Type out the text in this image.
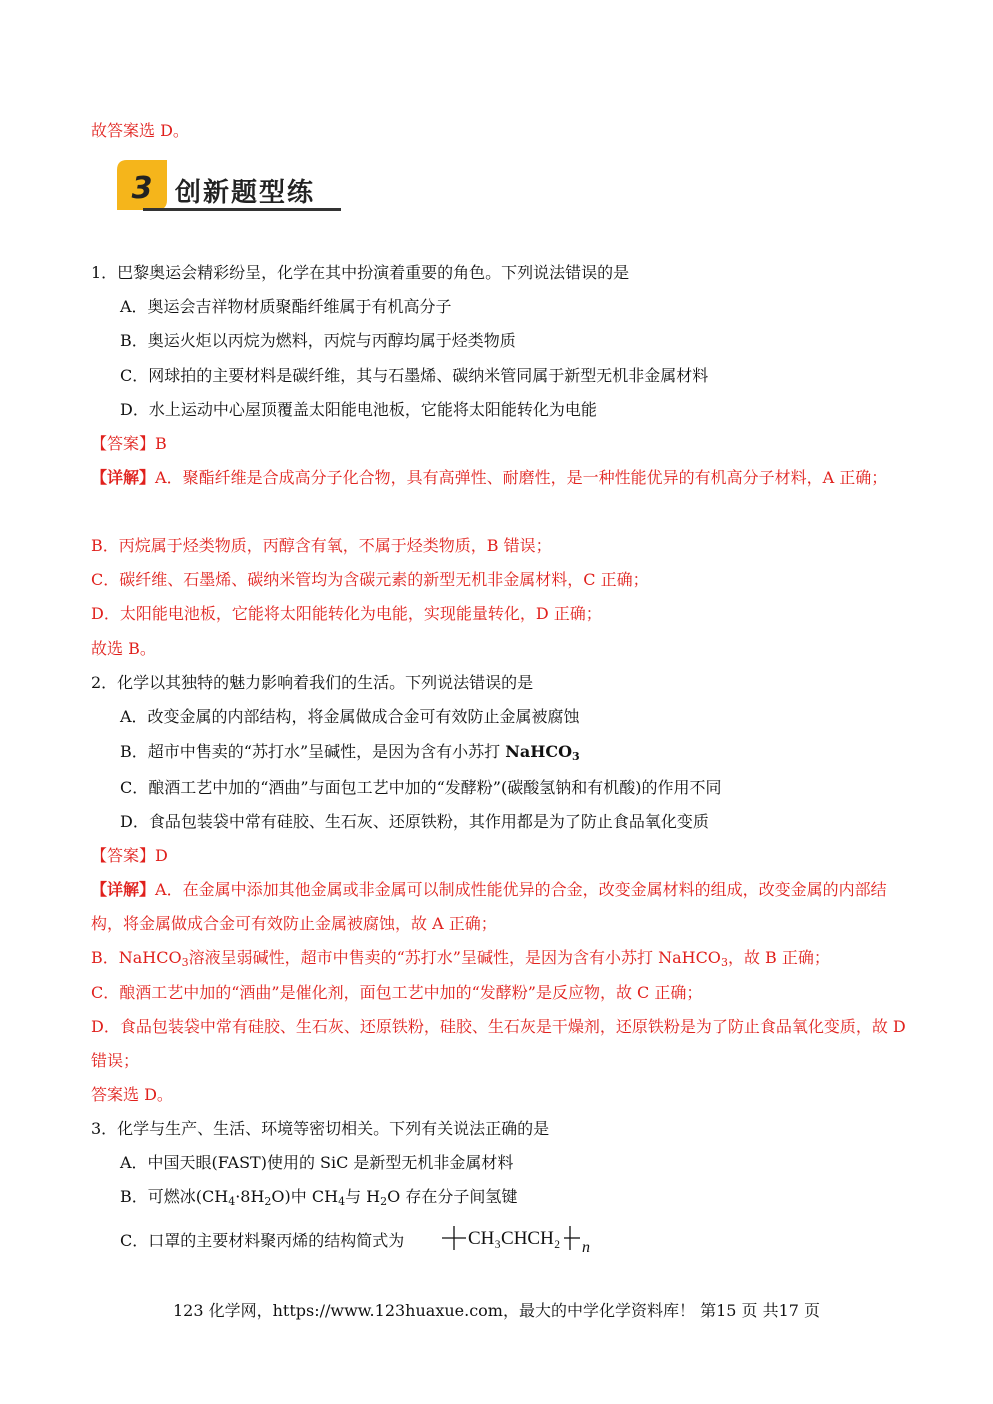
故答案选 D。
3 创新题型练
1．巴黎奥运会精彩纷呈，化学在其中扮演着重要的角色。下列说法错误的是
A．奥运会吉祥物材质聚酯纤维属于有机高分子
B．奥运火炬以丙烷为燃料，丙烷与丙醇均属于烃类物质
C．网球拍的主要材料是碳纤维，其与石墨烯、碳纳米管同属于新型无机非金属材料
D．水上运动中心屋顶覆盖太阳能电池板，它能将太阳能转化为电能
【答案】B
【详解】A．聚酯纤维是合成高分子化合物，具有高弹性、耐磨性，是一种性能优异的有机高分子材料，A 正确；
B．丙烷属于烃类物质，丙醇含有氧，不属于烃类物质，B 错误；
C．碳纤维、石墨烯、碳纳米管均为含碳元素的新型无机非金属材料，C 正确；
D．太阳能电池板，它能将太阳能转化为电能，实现能量转化，D 正确；
故选 B。
2．化学以其独特的魅力影响着我们的生活。下列说法错误的是
A．改变金属的内部结构，将金属做成合金可有效防止金属被腐蚀
B．超市中售卖的“苏打水”呈碱性，是因为含有小苏打 NaHCO$_3$
C．酿酒工艺中加的“酒曲”与面包工艺中加的“发酵粉”(碳酸氢钠和有机酸)的作用不同
D．食品包装袋中常有硅胶、生石灰、还原铁粉，其作用都是为了防止食品氧化变质
【答案】D
【详解】A．在金属中添加其他金属或非金属可以制成性能优异的合金，改变金属材料的组成，改变金属的内部结构，将金属做成合金可有效防止金属被腐蚀，故 A 正确；
B．NaHCO$_3$溶液呈弱碱性，超市中售卖的“苏打水”呈碱性，是因为含有小苏打 NaHCO$_3$，故 B 正确；
C．酿酒工艺中加的“酒曲”是催化剂，面包工艺中加的“发酵粉”是反应物，故 C 正确；
D．食品包装袋中常有硅胶、生石灰、还原铁粉，硅胶、生石灰是干燥剂，还原铁粉是为了防止食品氧化变质，故 D 错误；
答案选 D。
3．化学与生产、生活、环境等密切相关。下列有关说法正确的是
A．中国天眼(FAST)使用的 SiC 是新型无机非金属材料
B．可燃冰$(CH_4\cdot 8H_2O)$中 $CH_4$与 $H_2O$ 存在分子间氢键
C．口罩的主要材料聚丙烯的结构简式为	CH₃CHCH₂ n
123 化学网，https://www.123huaxue.com，最大的中学化学资料库！ 第15 页 共17 页
